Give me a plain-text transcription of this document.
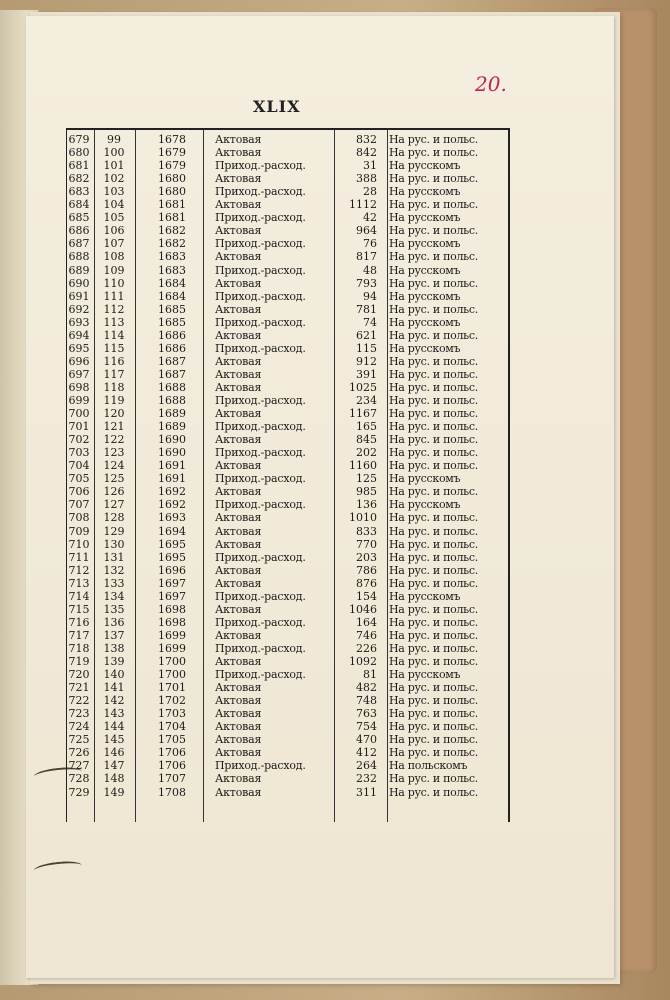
XLIX
20.
679	99	1678	Актовая	832 На рус. и польс.
680	100	1679	Актовая	842 На рус. и польс.
681	101	1679	Приход.-расход.	31 На русскомъ
682	102	1680	Актовая	388 На рус. и польс.
683	103	1680	Приход.-расход.	28 На русскомъ
684	104	1681	Актовая	1112 На рус. и польс.
685	105	1681	Приход.-расход.	42 На русскомъ
686	106	1682	Актовая	964 На рус. и польс.
687	107	1682	Приход.-расход.	76 На русскомъ
688	108	1683	Актовая	817 На рус. и польс.
689	109	1683	Приход.-расход.	48 На русскомъ
690	110	1684	Актовая	793 На рус. и польс.
691	111	1684	Приход.-расход.	94 На русскомъ
692	112	1685	Актовая	781 На рус. и польс.
693	113	1685	Приход.-расход.	74 На русскомъ
694	114	1686	Актовая	621 На рус. и польс.
695	115	1686	Приход.-расход.	115 На русскомъ
696	116	1687	Актовая	912 На рус. и польс.
697	117	1687	Актовая	391 На рус. и польс.
698	118	1688	Актовая	1025 На рус. и польс.
699	119	1688	Приход.-расход.	234 На рус. и польс.
700	120	1689	Актовая	1167 На рус. и польс.
701	121	1689	Приход.-расход.	165 На рус. и польс.
702	122	1690	Актовая	845 На рус. и польс.
703	123	1690	Приход.-расход.	202 На рус. и польс.
704	124	1691	Актовая	1160 На рус. и польс.
705	125	1691	Приход.-расход.	125 На русскомъ
706	126	1692	Актовая	985 На рус. и польс.
707	127	1692	Приход.-расход.	136 На русскомъ
708	128	1693	Актовая	1010 На рус. и польс.
709	129	1694	Актовая	833 На рус. и польс.
710	130	1695	Актовая	770 На рус. и польс.
711	131	1695	Приход.-расход.	203 На рус. и польс.
712	132	1696	Актовая	786 На рус. и польс.
713	133	1697	Актовая	876 На рус. и польс.
714	134	1697	Приход.-расход.	154 На русскомъ
715	135	1698	Актовая	1046 На рус. и польс.
716	136	1698	Приход.-расход.	164 На рус. и польс.
717	137	1699	Актовая	746 На рус. и польс.
718	138	1699	Приход.-расход.	226 На рус. и польс.
719	139	1700	Актовая	1092 На рус. и польс.
720	140	1700	Приход.-расход.	81 На русскомъ
721	141	1701	Актовая	482 На рус. и польс.
722	142	1702	Актовая	748 На рус. и польс.
723	143	1703	Актовая	763 На рус. и польс.
724	144	1704	Актовая	754 На рус. и польс.
725	145	1705	Актовая	470 На рус. и польс.
726	146	1706	Актовая	412 На рус. и польс.
727	147	1706	Приход.-расход.	264 На польскомъ
728	148	1707	Актовая	232 На рус. и польс.
729	149	1708	Актовая	311 На рус. и польс.
